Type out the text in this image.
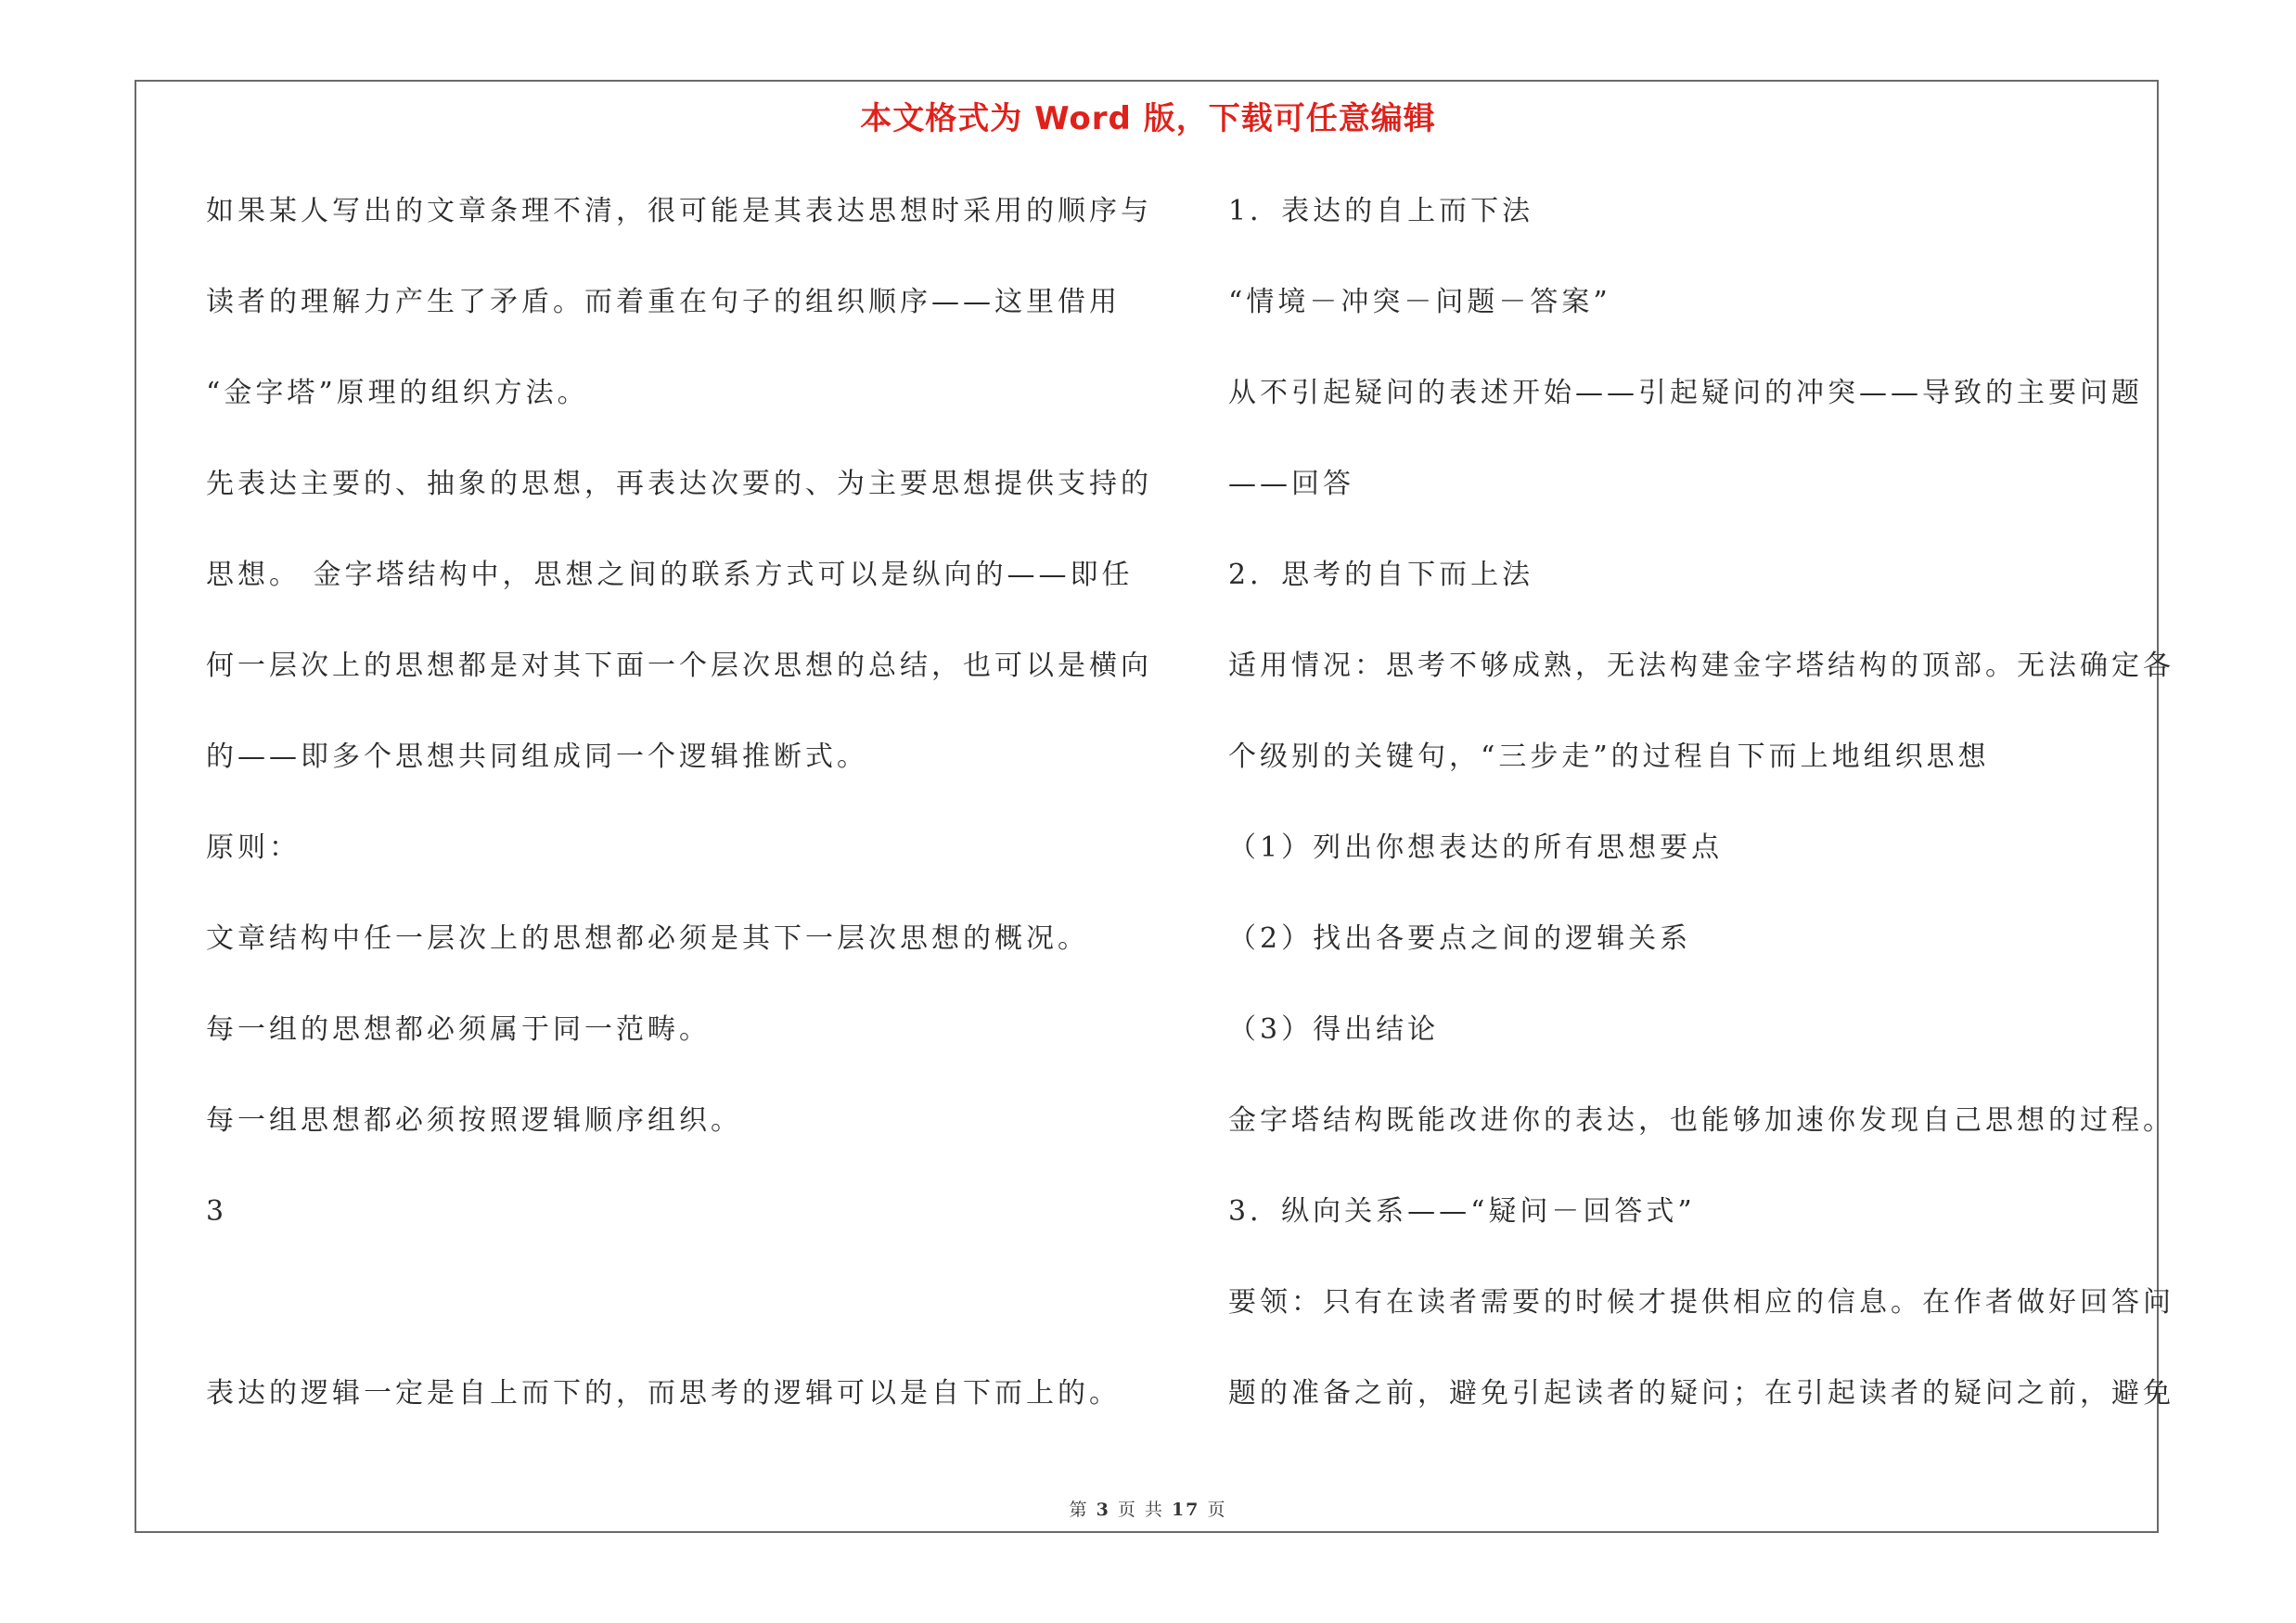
本文格式为 Word 版，下载可任意编辑
如果某人写出的文章条理不清，很可能是其表达思想时采用的顺序与
读者的理解力产生了矛盾。而着重在句子的组织顺序——这里借用
“金字塔”原理的组织方法。
先表达主要的、抽象的思想，再表达次要的、为主要思想提供支持的
思想。 金字塔结构中，思想之间的联系方式可以是纵向的——即任
何一层次上的思想都是对其下面一个层次思想的总结，也可以是横向
的——即多个思想共同组成同一个逻辑推断式。
原则：
文章结构中任一层次上的思想都必须是其下一层次思想的概况。
每一组的思想都必须属于同一范畴。
每一组思想都必须按照逻辑顺序组织。
3
表达的逻辑一定是自上而下的，而思考的逻辑可以是自下而上的。
1．表达的自上而下法
“情境－冲突－问题－答案”
从不引起疑问的表述开始——引起疑问的冲突——导致的主要问题
——回答
2．思考的自下而上法
适用情况：思考不够成熟，无法构建金字塔结构的顶部。无法确定各
个级别的关键句，“三步走”的过程自下而上地组织思想
（1）列出你想表达的所有思想要点
（2）找出各要点之间的逻辑关系
（3）得出结论
金字塔结构既能改进你的表达，也能够加速你发现自己思想的过程。
3．纵向关系——“疑问－回答式”
要领：只有在读者需要的时候才提供相应的信息。在作者做好回答问
题的准备之前，避免引起读者的疑问；在引起读者的疑问之前，避免
第 3 页 共 17 页
